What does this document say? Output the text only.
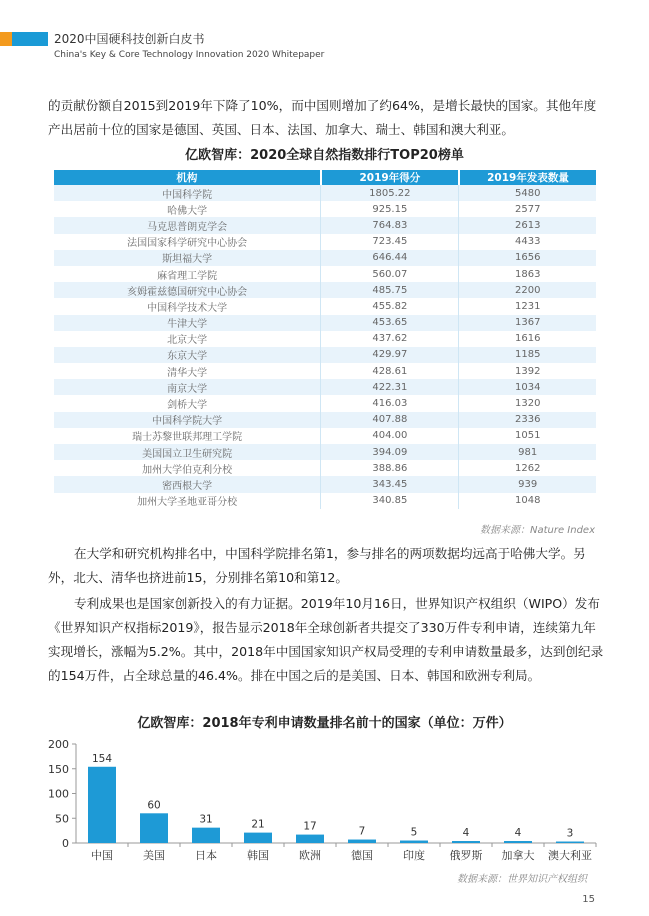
2020中国硬科技创新白皮书
China's Key & Core Technology Innovation 2020 Whitepaper

的贡献份额自2015到2019年下降了10%，而中国则增加了约64%，是增长最快的国家。其他年度产出居前十位的国家是德国、英国、日本、法国、加拿大、瑞士、韩国和澳大利亚。

亿欧智库：2020全球自然指数排行TOP20榜单
机构	2019年得分	2019年发表数量
中国科学院	1805.22	5480
哈佛大学	925.15	2577
马克思普朗克学会	764.83	2613
法国国家科学研究中心协会	723.45	4433
斯坦福大学	646.44	1656
麻省理工学院	560.07	1863
亥姆霍兹德国研究中心协会	485.75	2200
中国科学技术大学	455.82	1231
牛津大学	453.65	1367
北京大学	437.62	1616
东京大学	429.97	1185
清华大学	428.61	1392
南京大学	422.31	1034
剑桥大学	416.03	1320
中国科学院大学	407.88	2336
瑞士苏黎世联邦理工学院	404.00	1051
美国国立卫生研究院	394.09	981
加州大学伯克利分校	388.86	1262
密西根大学	343.45	939
加州大学圣地亚哥分校	340.85	1048
数据来源：Nature Index

在大学和研究机构排名中，中国科学院排名第1，参与排名的两项数据均远高于哈佛大学。另外，北大、清华也挤进前15，分别排名第10和第12。

专利成果也是国家创新投入的有力证据。2019年10月16日，世界知识产权组织（WIPO）发布《世界知识产权指标2019》，报告显示2018年全球创新者共提交了330万件专利申请，连续第九年实现增长，涨幅为5.2%。其中，2018年中国国家知识产权局受理的专利申请数量最多，达到创纪录的154万件，占全球总量的46.4%。排在中国之后的是美国、日本、韩国和欧洲专利局。

亿欧智库：2018年专利申请数量排名前十的国家（单位：万件）
0
50
100
150
200
154
中国
60
美国
31
日本
21
韩国
17
欧洲
7
德国
5
印度
4
俄罗斯
4
加拿大
3
澳大利亚
数据来源：世界知识产权组织
15
